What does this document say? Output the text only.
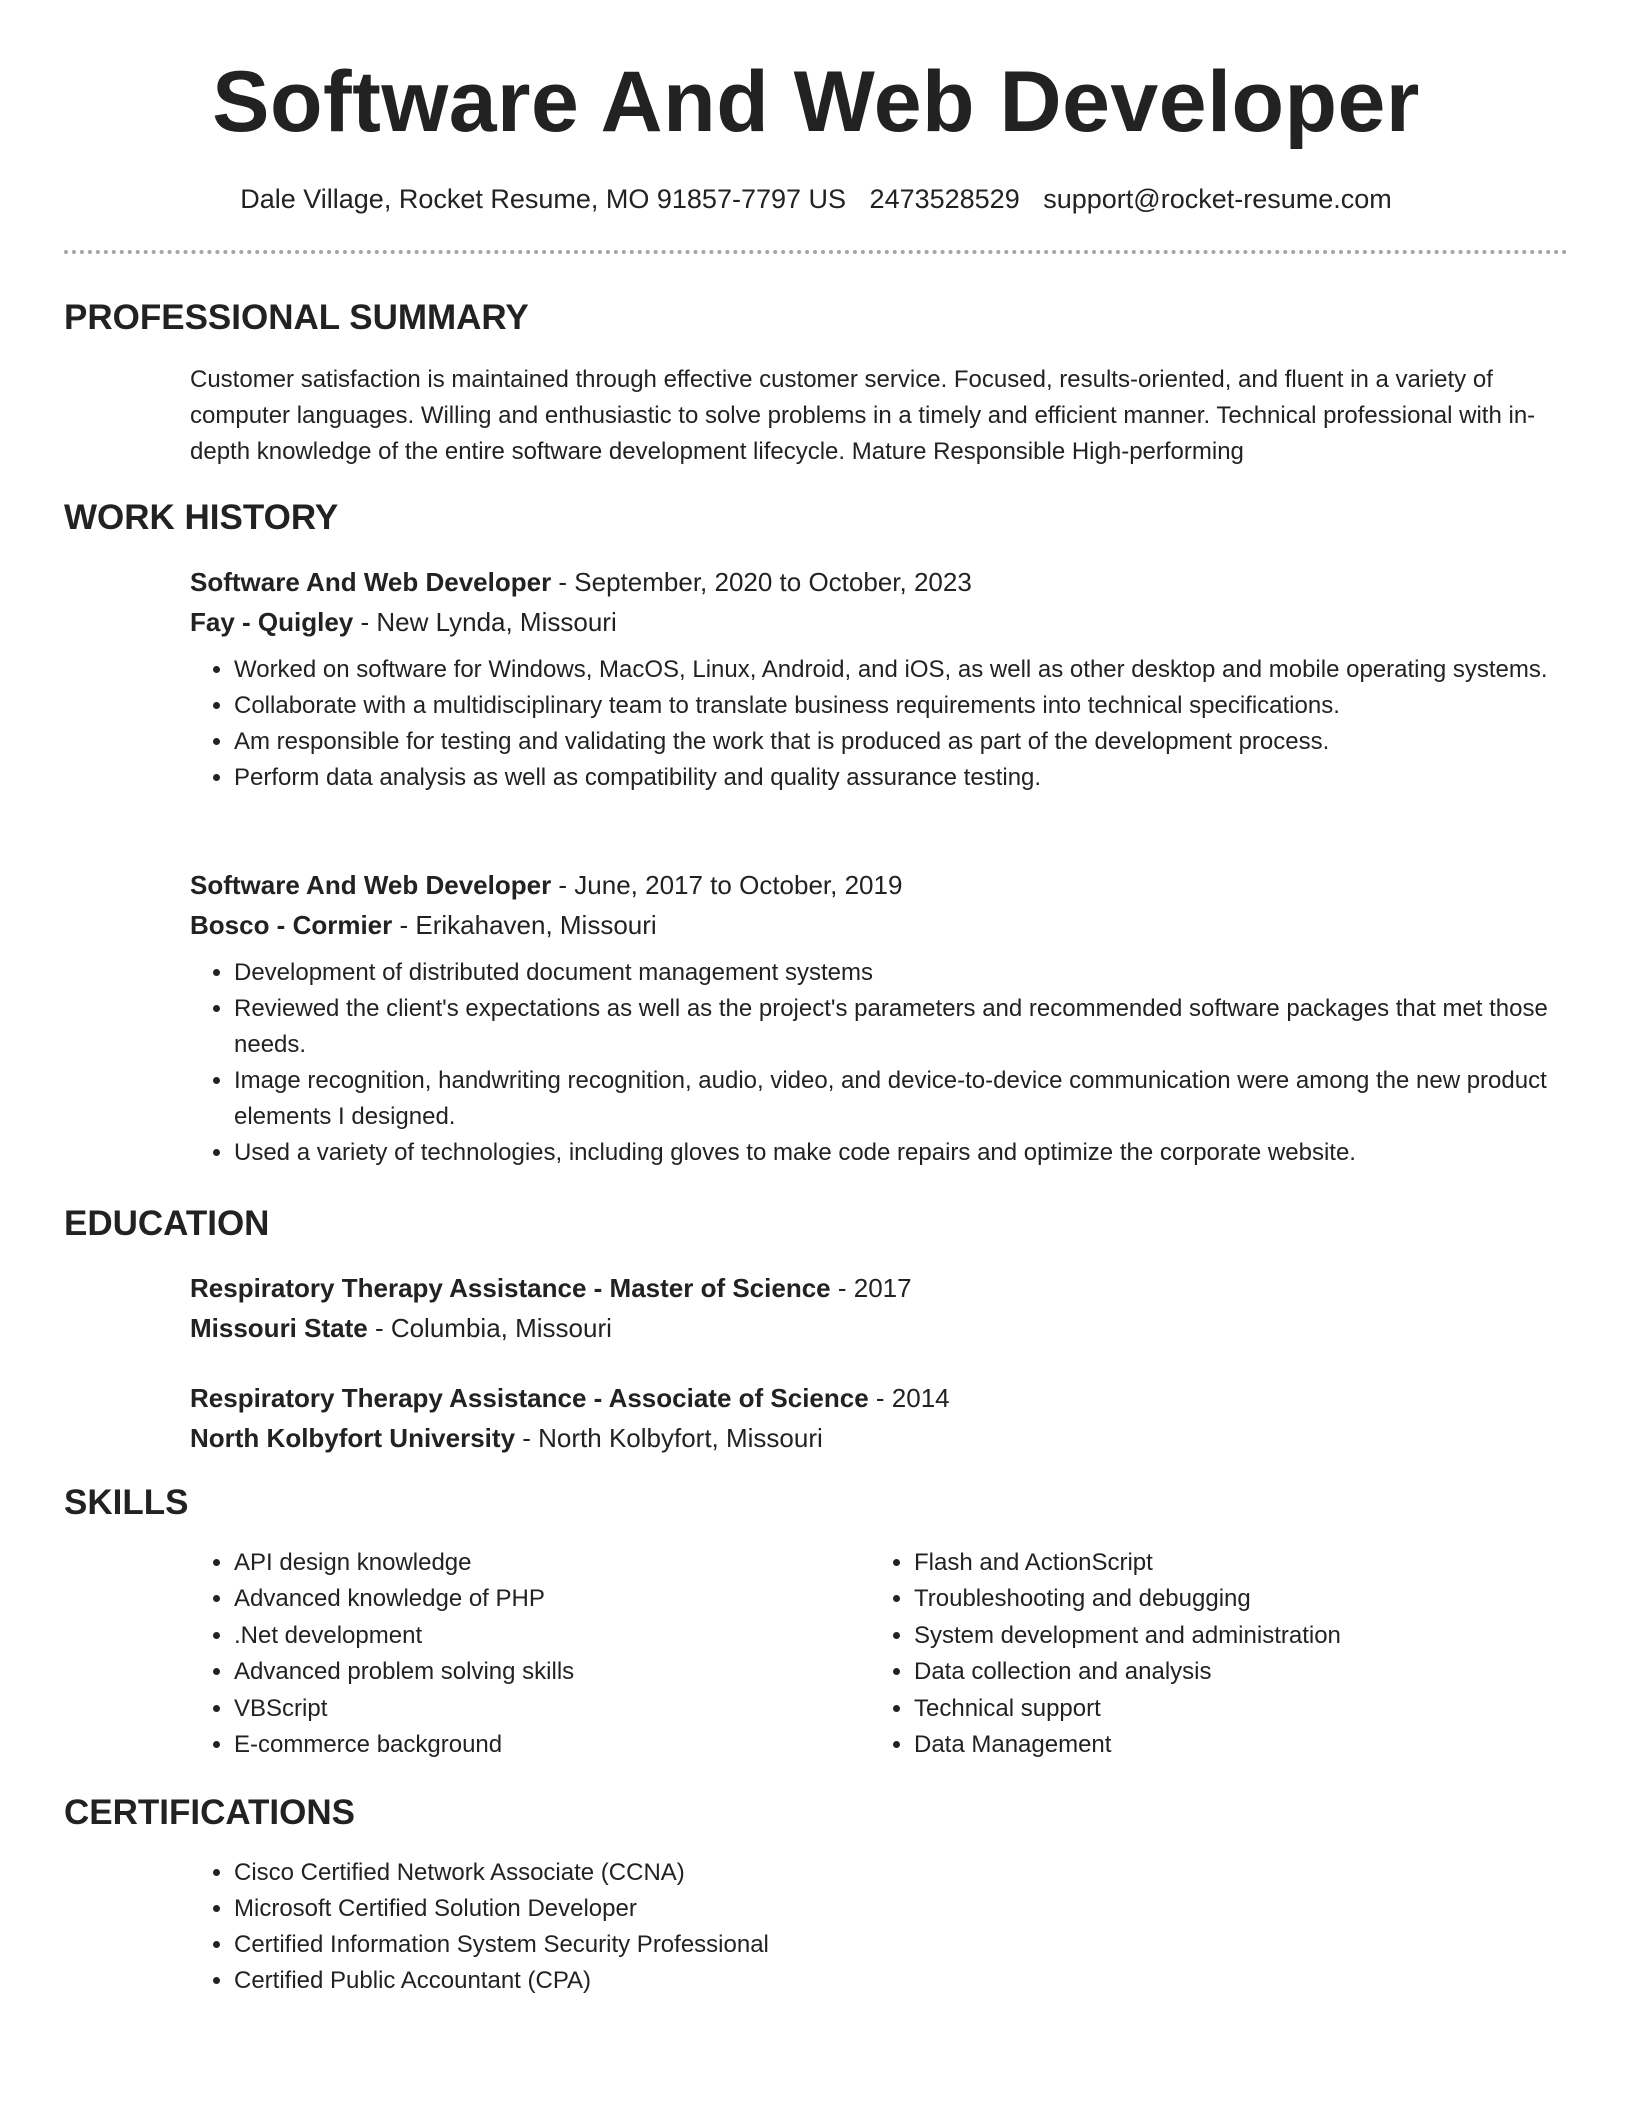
Software And Web Developer
Dale Village, Rocket Resume, MO 91857-7797 US 2473528529 support@rocket-resume.com
PROFESSIONAL SUMMARY

Customer satisfaction is maintained through effective customer service. Focused, results-oriented, and fluent in a variety of computer languages. Willing and enthusiastic to solve problems in a timely and efficient manner. Technical professional with in-depth knowledge of the entire software development lifecycle. Mature Responsible High-performing

WORK HISTORY

Software And Web Developer - September, 2020 to October, 2023

Fay - Quigley - New Lynda, Missouri

• Worked on software for Windows, MacOS, Linux, Android, and iOS, as well as other desktop and mobile operating systems.
• Collaborate with a multidisciplinary team to translate business requirements into technical specifications.
• Am responsible for testing and validating the work that is produced as part of the development process.
• Perform data analysis as well as compatibility and quality assurance testing.

Software And Web Developer - June, 2017 to October, 2019

Bosco - Cormier - Erikahaven, Missouri

• Development of distributed document management systems
• Reviewed the client's expectations as well as the project's parameters and recommended software packages that met those needs.
• Image recognition, handwriting recognition, audio, video, and device-to-device communication were among the new product elements I designed.
• Used a variety of technologies, including gloves to make code repairs and optimize the corporate website.
EDUCATION

Respiratory Therapy Assistance - Master of Science - 2017

Missouri State - Columbia, Missouri

Respiratory Therapy Assistance - Associate of Science - 2014

North Kolbyfort University - North Kolbyfort, Missouri

SKILLS
• API design knowledge
• Advanced knowledge of PHP
• .Net development
• Advanced problem solving skills
• VBScript
• E-commerce background
• Flash and ActionScript
• Troubleshooting and debugging
• System development and administration
• Data collection and analysis
• Technical support
• Data Management
CERTIFICATIONS
• Cisco Certified Network Associate (CCNA)
• Microsoft Certified Solution Developer
• Certified Information System Security Professional
• Certified Public Accountant (CPA)
